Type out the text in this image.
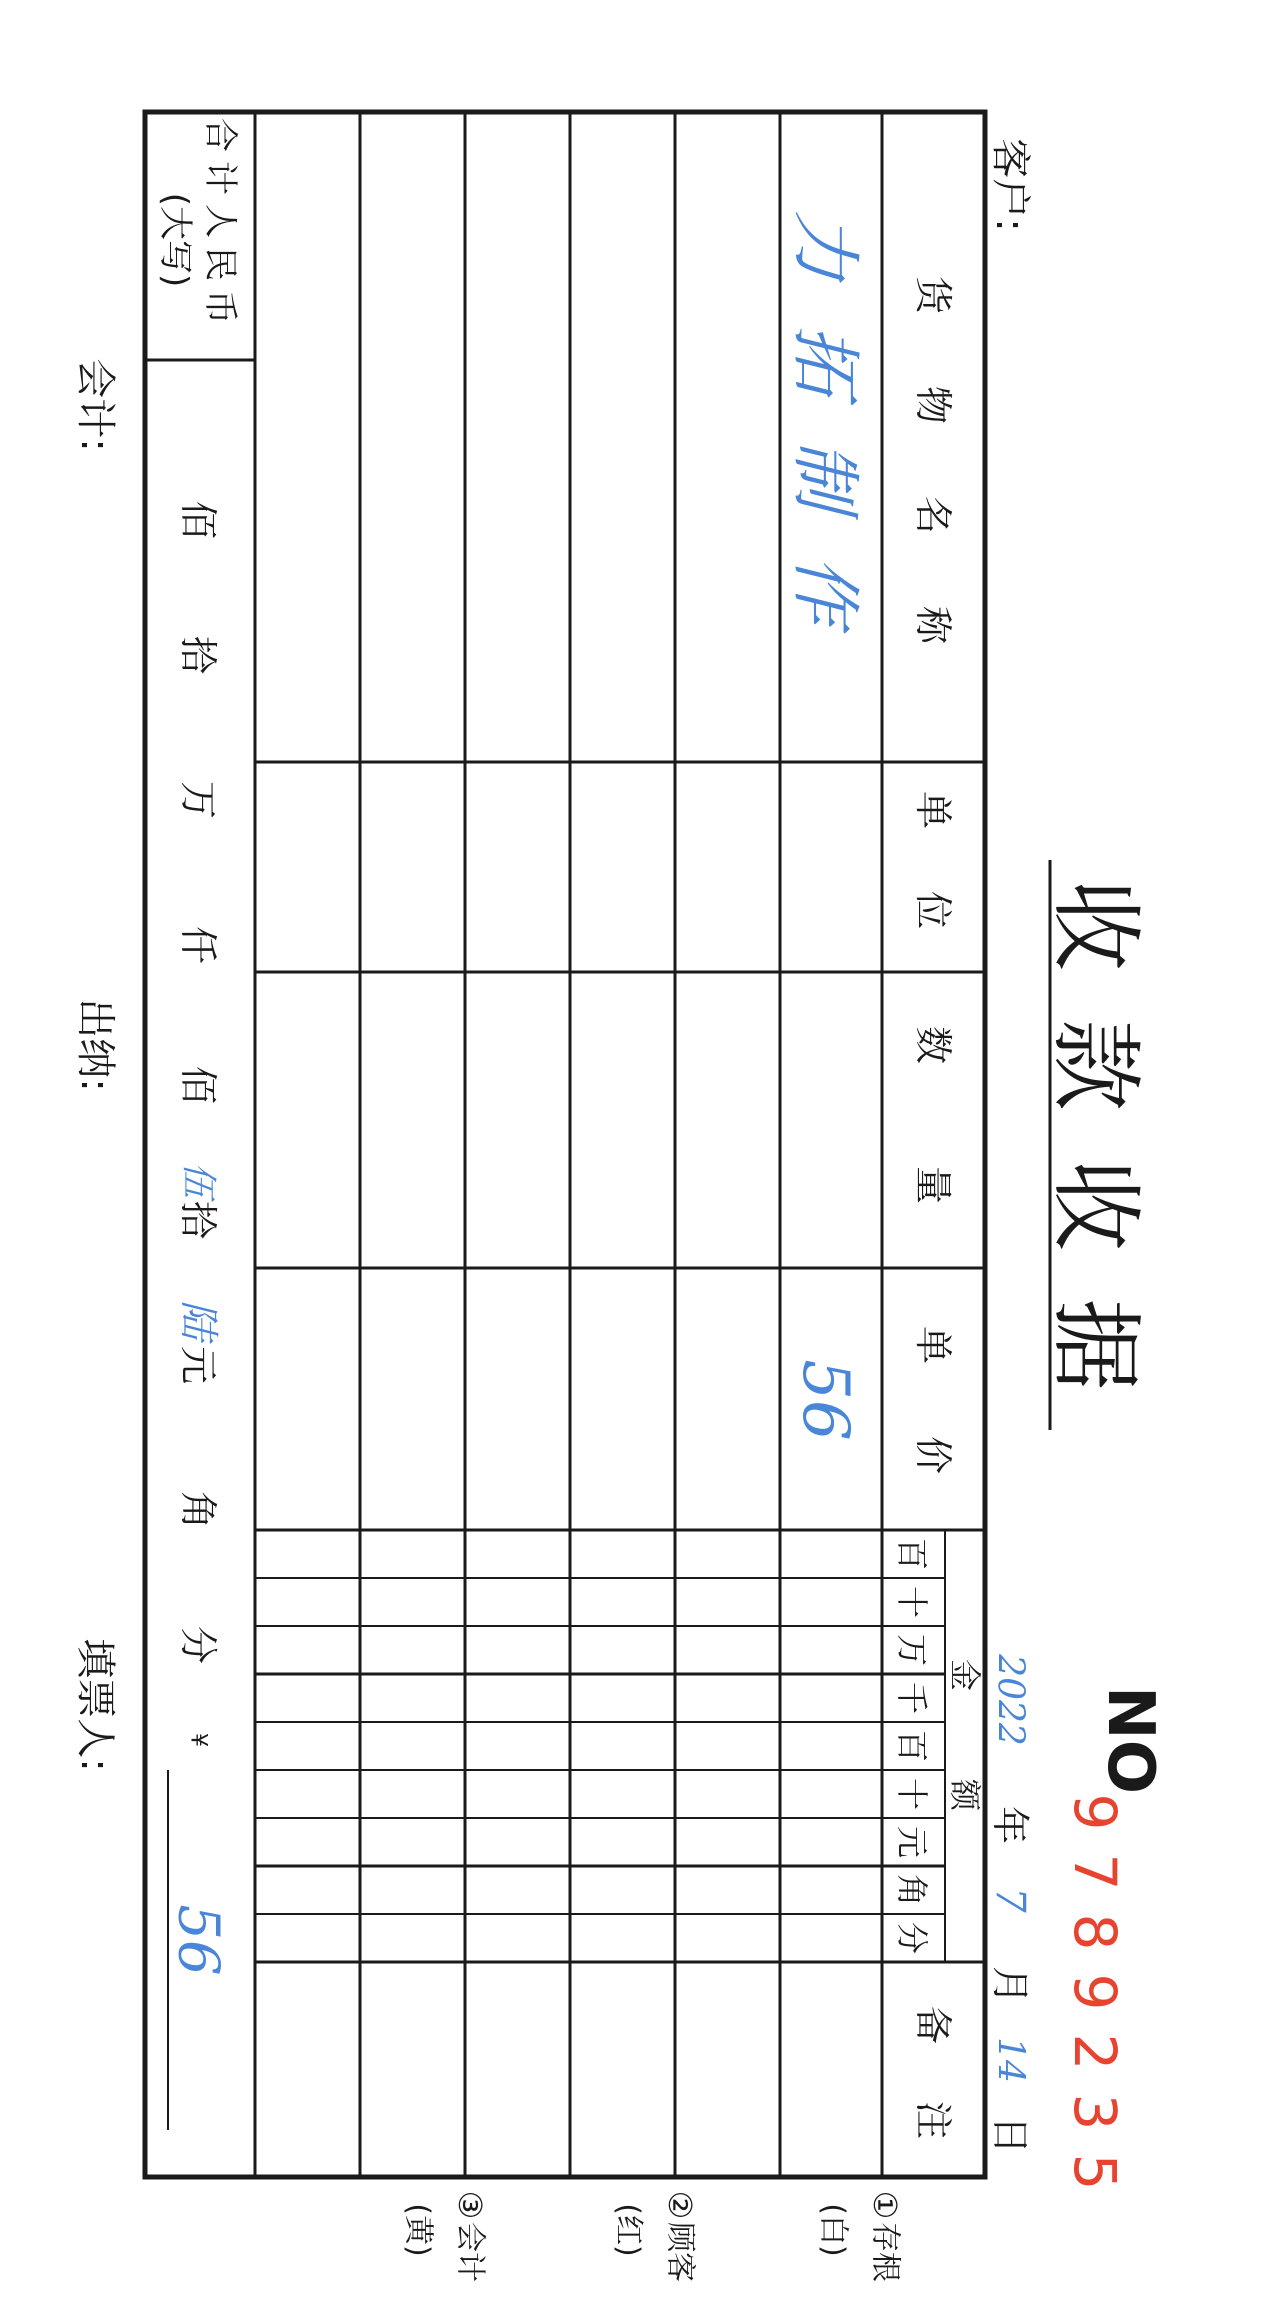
收
款
收
据
客户:
NO
9
7
8
9
2
3
5
2022
年
7
月
14
日
货
物
名
称
单
位
数
量
单
价
备
注
金
额
百
十
万
千
百
十
元
角
分
力
拓
制
作
56
合
计
人
民
币
(大写)
佰
拾
万
仟
佰
拾
元
角
分
¥
伍
陆
56
会计:
出纳:
填票人:
①
存根
(白)
②
顾客
(红)
③
会计
(黄)
